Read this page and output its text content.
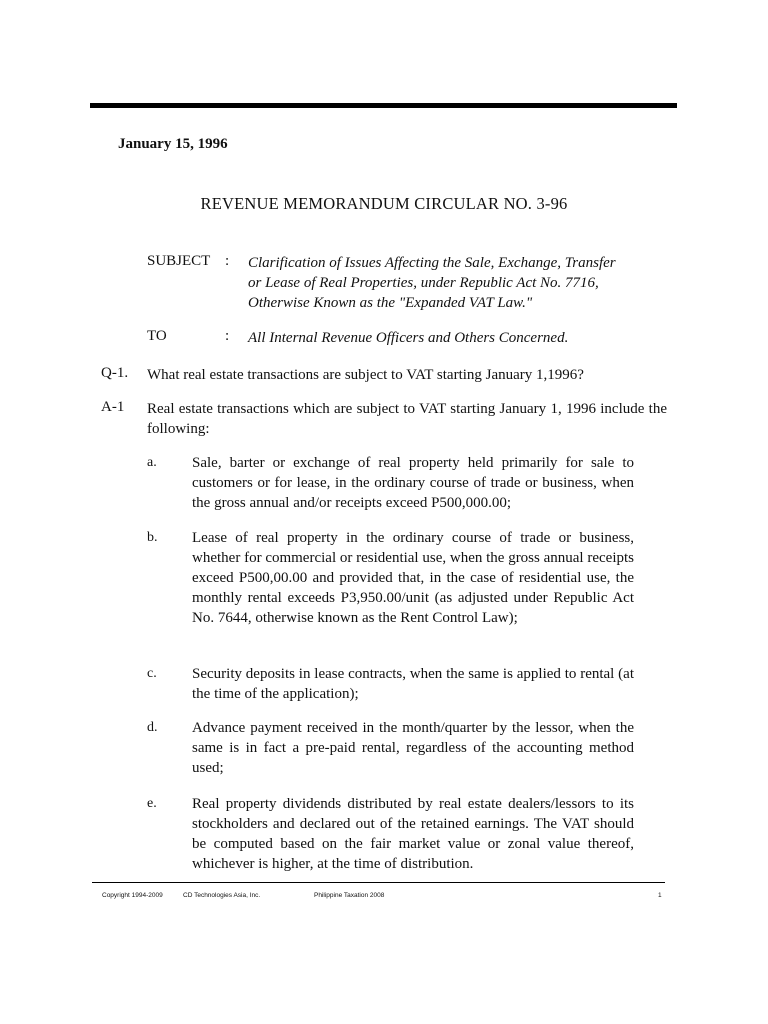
January 15, 1996
REVENUE MEMORANDUM CIRCULAR NO. 3-96
SUBJECT : Clarification of Issues Affecting the Sale, Exchange, Transfer
or Lease of Real Properties, under Republic Act No. 7716,
Otherwise Known as the "Expanded VAT Law."
TO	: All Internal Revenue Officers and Others Concerned.
Q-1. What real estate transactions are subject to VAT starting January 1,1996?
A-1 Real estate transactions which are subject to VAT starting January 1, 1996 include the following:
a. Sale, barter or exchange of real property held primarily for sale to customers or for lease, in the ordinary course of trade or business, when the gross annual and/or receipts exceed P500,000.00;
b. Lease of real property in the ordinary course of trade or business, whether for commercial or residential use, when the gross annual receipts exceed P500,00.00 and provided that, in the case of residential use, the monthly rental exceeds P3,950.00/unit (as adjusted under Republic Act No. 7644, otherwise known as the Rent Control Law);
c. Security deposits in lease contracts, when the same is applied to rental (at the time of the application);
d. Advance payment received in the month/quarter by the lessor, when the same is in fact a pre-paid rental, regardless of the accounting method used;
e. Real property dividends distributed by real estate dealers/lessors to its stockholders and declared out of the retained earnings. The VAT should be computed based on the fair market value or zonal value thereof, whichever is higher, at the time of distribution.
Copyright 1994-2009	CD Technologies Asia, Inc.	Philippine Taxation 2008	1
